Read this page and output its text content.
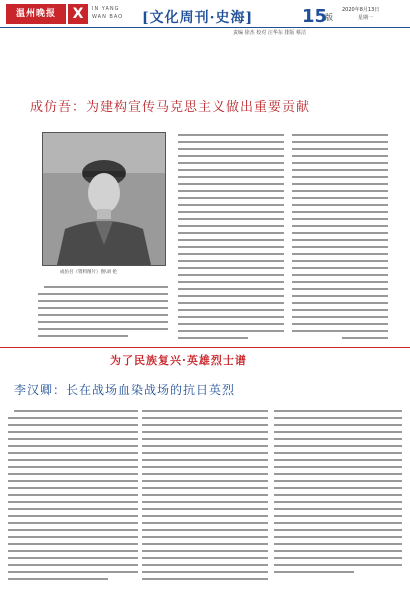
温州晚报	X	IN YANG
WAN BAO [文化周刊·史海]	15
版
2020年8月13日
星期一
责编 徐杰 校对 汪华东 排版 蔡洁
成仿吾：为建构宣传马克思主义做出重要贡献
成仿吾（资料图片）图\刘 伦
为了民族复兴·英雄烈士谱
李汉卿：长在战场血染战场的抗日英烈
